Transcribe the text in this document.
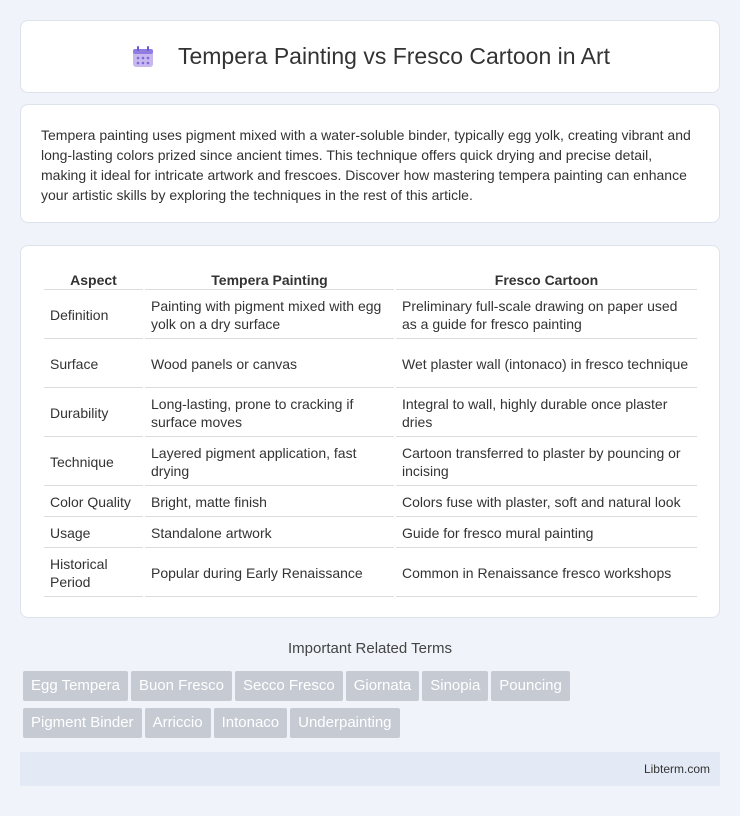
Tempera Painting vs Fresco Cartoon in Art

Tempera painting uses pigment mixed with a water-soluble binder, typically egg yolk, creating vibrant and long-lasting colors prized since ancient times. This technique offers quick drying and precise detail, making it ideal for intricate artwork and frescoes. Discover how mastering tempera painting can enhance your artistic skills by exploring the techniques in the rest of this article.

Aspect	Tempera Painting	Fresco Cartoon
Definition	Painting with pigment mixed with egg yolk on a dry surface	Preliminary full-scale drawing on paper used as a guide for fresco painting
Surface	Wood panels or canvas	Wet plaster wall (intonaco) in fresco technique
Durability	Long-lasting, prone to cracking if surface moves	Integral to wall, highly durable once plaster dries
Technique	Layered pigment application, fast drying	Cartoon transferred to plaster by pouncing or incising
Color Quality	Bright, matte finish	Colors fuse with plaster, soft and natural look
Usage	Standalone artwork	Guide for fresco mural painting
Historical Period	Popular during Early Renaissance	Common in Renaissance fresco workshops
Important Related Terms
Egg Tempera Buon Fresco Secco Fresco Giornata Sinopia Pouncing
Pigment Binder Arriccio Intonaco Underpainting
Libterm.com
